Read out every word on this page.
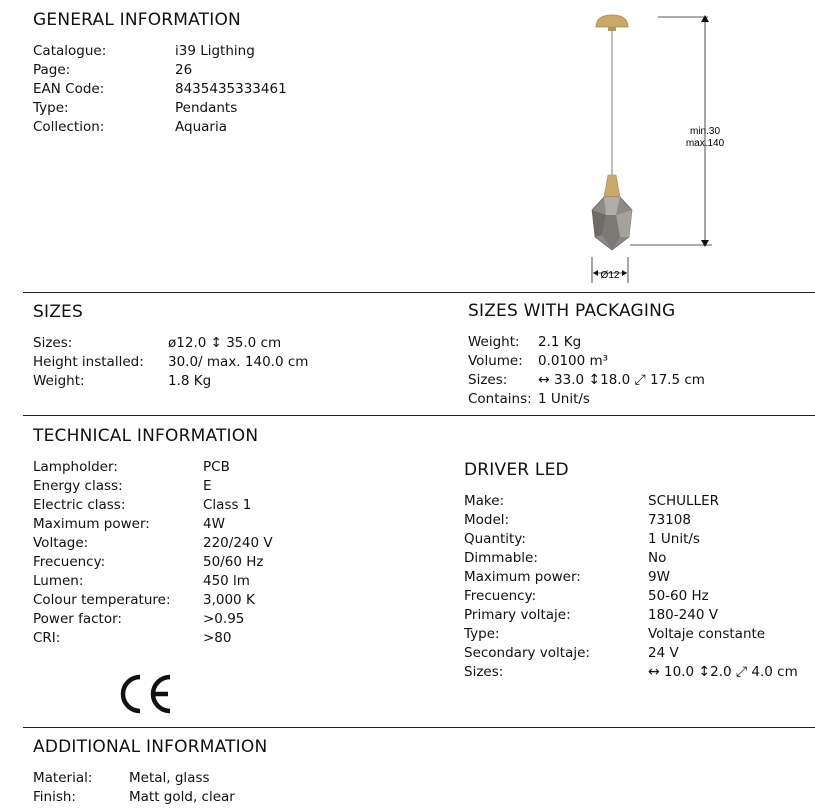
GENERAL INFORMATION
Catalogue:	i39 Ligthing
Page:	26
EAN Code:	8435435333461
Type:	Pendants
Collection:	Aquaria	min.30
max.140
Ø12
SIZES
Sizes:	ø12.0 ↕ 35.0 cm
Height installed: 30.0/ max. 140.0 cm
Weight:	1.8 Kg
SIZES WITH PACKAGING
Weight: 2.1 Kg
Volume: 0.0100 m³
Sizes: ↔ 33.0 ↕18.0 ⤢ 17.5 cm
Contains: 1 Unit/s
TECHNICAL INFORMATION
Lampholder:	PCB
Energy class:	E
Electric class:	Class 1
Maximum power:	4W
Voltage:	220/240 V
Frecuency:	50/60 Hz
Lumen:	450 lm
Colour temperature: 3,000 K
Power factor:	>0.95
CRI:	>80
DRIVER LED
Make:	SCHULLER
Model:	73108
Quantity:	1 Unit/s
Dimmable:	No
Maximum power:	9W
Frecuency:	50-60 Hz
Primary voltaje:	180-240 V
Type:	Voltaje constante
Secondary voltaje:	24 V
Sizes:	↔ 10.0 ↕2.0 ⤢ 4.0 cm
ADDITIONAL INFORMATION
Material:	Metal, glass
Finish:	Matt gold, clear
